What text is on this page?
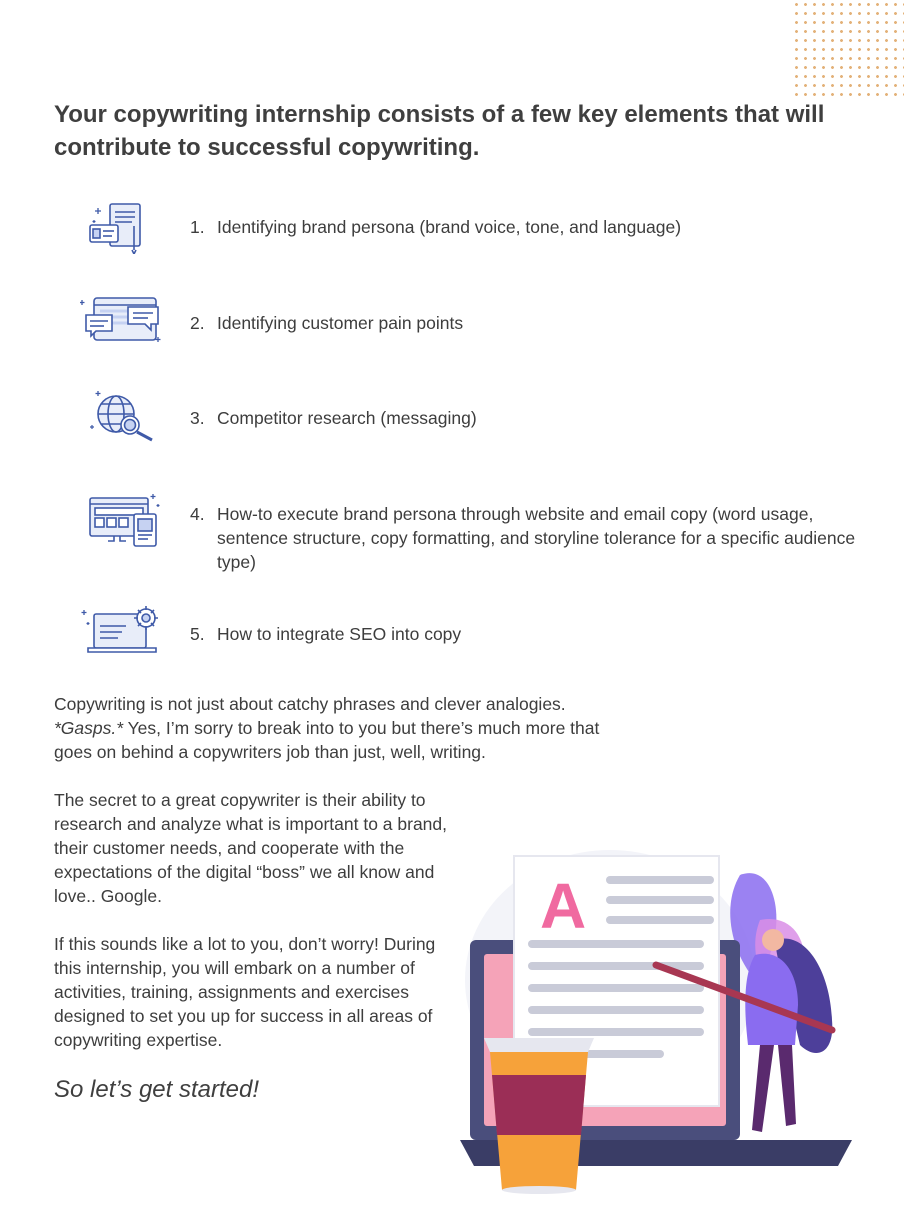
Your copywriting internship consists of a few key elements that will contribute to successful copywriting.
1. Identifying brand persona (brand voice, tone, and language)
2. Identifying customer pain points
3. Competitor research (messaging)
4. How-to execute brand persona through website and email copy (word usage, sentence structure, copy formatting, and storyline tolerance for a specific audience type)
5. How to integrate SEO into copy

Copywriting is not just about catchy phrases and clever analogies. *Gasps.* Yes, I’m sorry to break into to you but there’s much more that goes on behind a copywriters job than just, well, writing.

The secret to a great copywriter is their ability to research and analyze what is important to a brand, their customer needs, and cooperate with the expectations of the digital “boss” we all know and love.. Google.

If this sounds like a lot to you, don’t worry! During this internship, you will embark on a number of activities, training, assignments and exercises designed to set you up for success in all areas of copywriting expertise.

So let’s get started!

A
